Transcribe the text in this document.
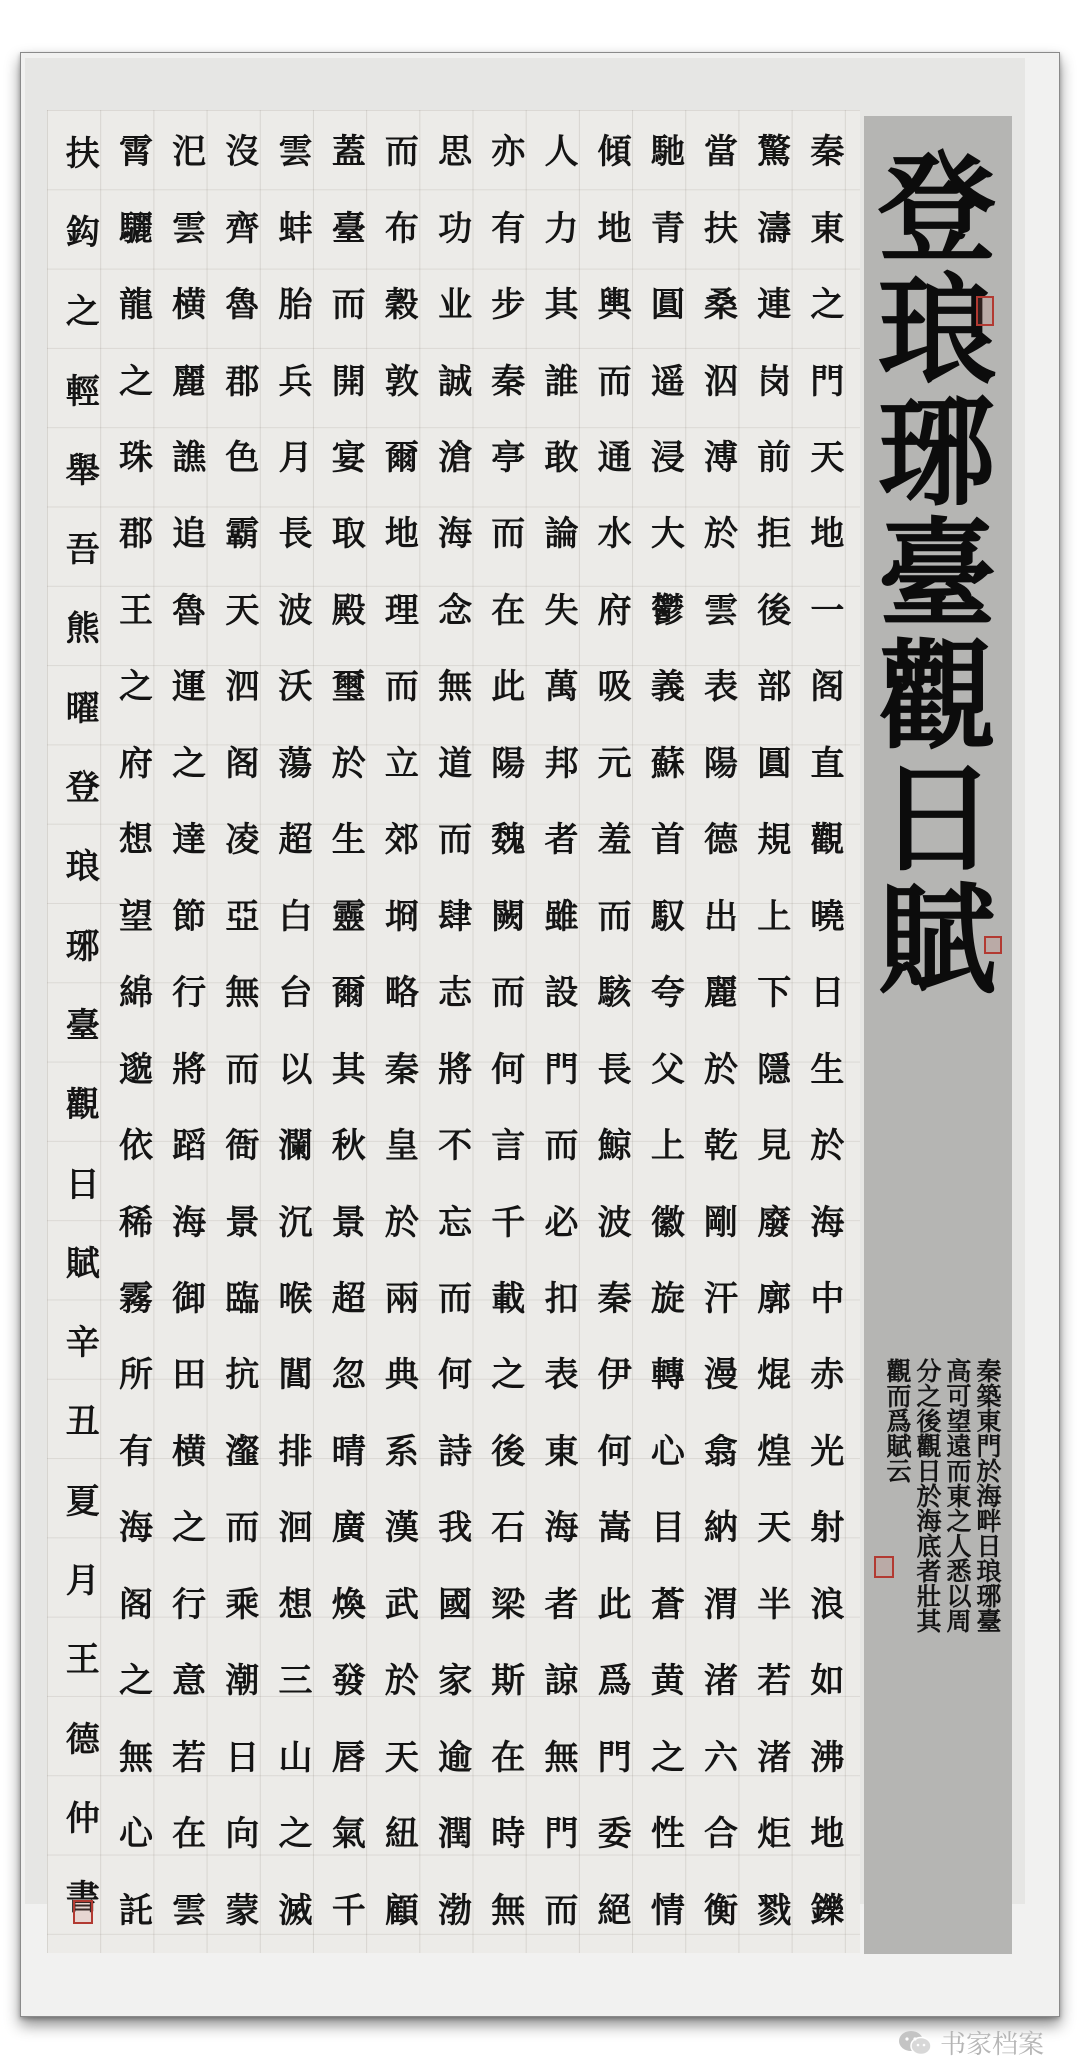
秦
東
之
門
天
地
一
阁
直
觀
曉
日
生
於
海
中
赤
光
射
浪
如
沸
地
鑠
驚
濤
連
岗
前
拒
後
部
圓
規
上
下
隱
見
廢
廓
焜
煌
天
半
若
渚
炬
戮
當
扶
桑
泅
溥
於
雲
表
陽
德
出
麗
於
乾
剛
汗
漫
翕
納
渭
渚
六
合
衡
馳
青
圓
遥
浸
大
鬱
義
蘇
首
馭
夸
父
上
徽
旋
轉
心
目
蒼
黄
之
性
情
傾
地
輿
而
通
水
府
吸
元
羞
而
駭
長
鯨
波
秦
伊
何
嵩
此
爲
門
委
絕
人
力
其
誰
敢
論
失
萬
邦
者
雖
設
門
而
必
扣
表
東
海
者
諒
無
門
而
亦
有
步
秦
亭
而
在
此
陽
魏
闕
而
何
言
千
載
之
後
石
梁
斯
在
時
無
思
功
业
誠
滄
海
念
無
道
而
肆
志
將
不
忘
而
何
詩
我
國
家
逾
潤
渤
而
布
穀
敦
爾
地
理
而
立
郊
埛
略
秦
皇
於
兩
典
系
漢
武
於
天
紐
顧
蓋
臺
而
開
宴
取
殿
璽
於
生
靈
爾
其
秋
景
超
忽
晴
廣
煥
發
唇
氣
千
雲
蚌
胎
兵
月
長
波
沃
蕩
超
白
台
以
瀾
沉
喉
閶
排
洄
想
三
山
之
滅
沒
齊
魯
郡
色
霸
天
泗
阁
凌
亞
無
而
衙
景
臨
抗
瀣
而
乘
潮
日
向
蒙
汜
雲
横
麗
譙
追
魯
運
之
達
節
行
將
蹈
海
御
田
横
之
行
意
若
在
雲
霄
驪
龍
之
珠
郡
王
之
府
想
望
綿
邈
依
稀
霧
所
有
海
阁
之
無
心
託
扶
鈎
之
輕
舉
吾
熊
曜
登
琅
琊
臺
觀
日
賦
辛
丑
夏
月
王
德
仲
書
登琅琊臺觀日賦
秦築東門於海畔日琅琊臺
高可望遠而東之人悉以周
分之後觀日於海底者壯其
觀而爲賦云
书家档案
